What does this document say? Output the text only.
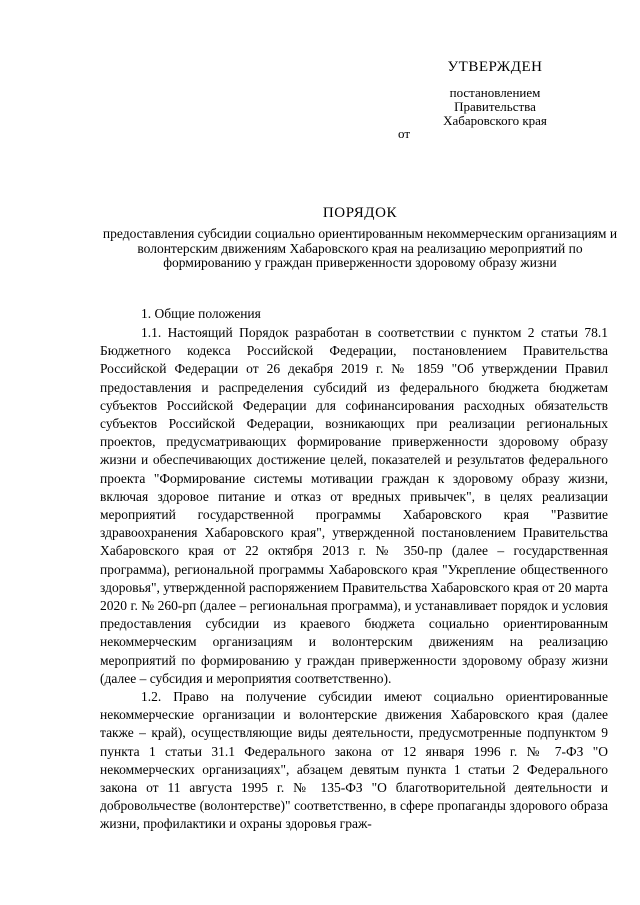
УТВЕРЖДЕН
постановлением
Правительства
Хабаровского края
от
ПОРЯДОК
предоставления субсидии социально ориентированным некоммерческим организациям и волонтерским движениям Хабаровского края на реализацию мероприятий по формированию у граждан приверженности здоровому образу жизни
1. Общие положения

1.1. Настоящий Порядок разработан в соответствии с пунктом 2 статьи 78.1 Бюджетного кодекса Российской Федерации, постановлением Правительства Российской Федерации от 26 декабря 2019 г. № 1859 "Об утверждении Правил предоставления и распределения субсидий из федерального бюджета бюджетам субъектов Российской Федерации для софинансирования расходных обязательств субъектов Российской Федерации, возникающих при реализации региональных проектов, предусматривающих формирование приверженности здоровому образу жизни и обеспечивающих достижение целей, показателей и результатов федерального проекта "Формирование системы мотивации граждан к здоровому образу жизни, включая здоровое питание и отказ от вредных привычек", в целях реализации мероприятий государственной программы Хабаровского края "Развитие здравоохранения Хабаровского края", утвержденной постановлением Правительства Хабаровского края от 22 октября 2013 г. № 350-пр (далее – государственная программа), региональной программы Хабаровского края "Укрепление общественного здоровья", утвержденной распоряжением Правительства Хабаровского края от 20 марта 2020 г. № 260-рп (далее – региональная программа), и устанавливает порядок и условия предоставления субсидии из краевого бюджета социально ориентированным некоммерческим организациям и волонтерским движениям на реализацию мероприятий по формированию у граждан приверженности здоровому образу жизни (далее – субсидия и мероприятия соответственно).

1.2. Право на получение субсидии имеют социально ориентированные некоммерческие организации и волонтерские движения Хабаровского края (далее также – край), осуществляющие виды деятельности, предусмотренные подпунктом 9 пункта 1 статьи 31.1 Федерального закона от 12 января 1996 г. № 7-ФЗ "О некоммерческих организациях", абзацем девятым пункта 1 статьи 2 Федерального закона от 11 августа 1995 г. № 135-ФЗ "О благотворительной деятельности и добровольчестве (волонтерстве)" соответственно, в сфере пропаганды здорового образа жизни, профилактики и охраны здоровья граж-
